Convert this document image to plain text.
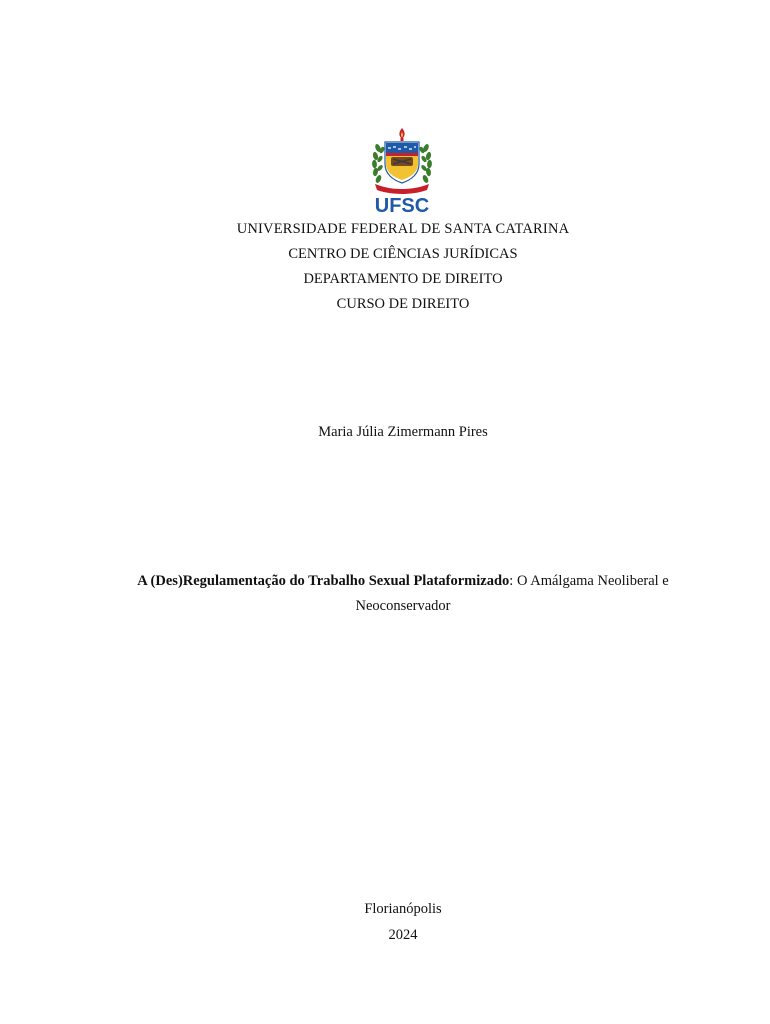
UFSC
UNIVERSIDADE FEDERAL DE SANTA CATARINA
CENTRO DE CIÊNCIAS JURÍDICAS
DEPARTAMENTO DE DIREITO
CURSO DE DIREITO
Maria Júlia Zimermann Pires
A (Des)Regulamentação do Trabalho Sexual Plataformizado: O Amálgama Neoliberal e
Neoconservador
Florianópolis
2024
